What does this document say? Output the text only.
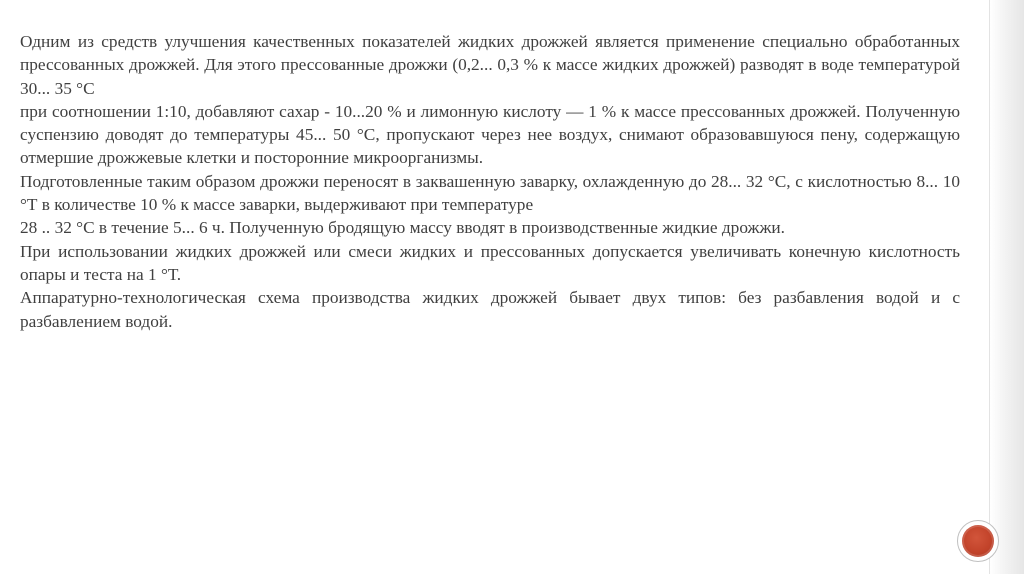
Одним из средств улучшения качественных показателей жидких дрожжей является применение специально обработанных прессованных дрожжей. Для этого прессованные дрожжи (0,2... 0,3 % к массе жидких дрожжей) разводят в воде температурой 30... 35 °С

при соотношении 1:10, добавляют сахар - 10...20 % и лимонную кислоту — 1 % к массе прессованных дрожжей. Полученную суспензию доводят до температуры 45... 50 °С, пропускают через нее воздух, снимают образовавшуюся пену, содержащую отмершие дрожжевые клетки и посторонние микроорганизмы.

Подготовленные таким образом дрожжи переносят в заквашенную заварку, охлажденную до 28... 32 °С, с кислотностью 8... 10 °Т в количестве 10 % к массе заварки, выдерживают при температуре

28 .. 32 °С в течение 5... 6 ч. Полученную бродящую массу вводят в производственные жидкие дрожжи.

При использовании жидких дрожжей или смеси жидких и прессованных допускается увеличивать конечную кислотность опары и теста на 1 °Т.

Аппаратурно-технологическая схема производства жидких дрожжей бывает двух типов: без разбавления водой и с разбавлением водой.
